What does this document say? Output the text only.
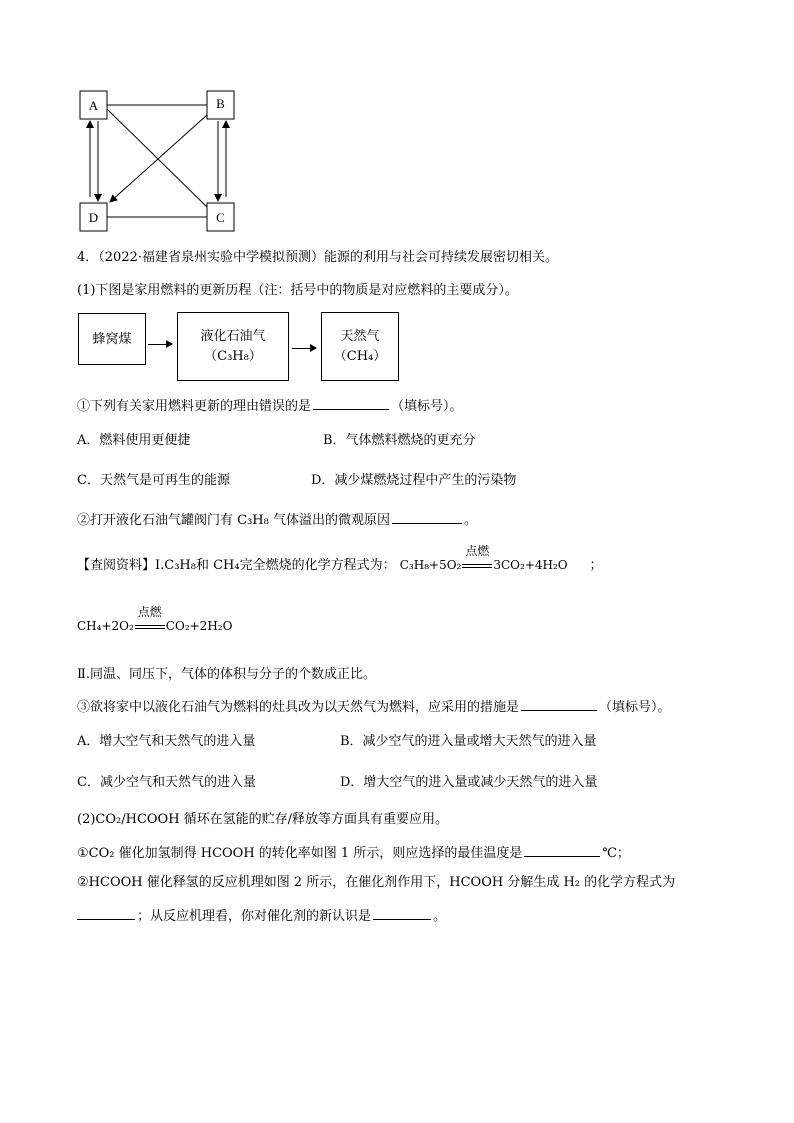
A	B
D	C
4．（2022·福建省泉州实验中学模拟预测）能源的利用与社会可持续发展密切相关。
(1)下图是家用燃料的更新历程（注：括号中的物质是对应燃料的主要成分）。
蜂窝煤	液化石油气
（C₃H₈）
天然气
（CH₄）
①下列有关家用燃料更新的理由错误的是	（填标号）。
A．燃料使用更便捷	B．气体燃料燃烧的更充分
C．天然气是可再生的能源	D．减少煤燃烧过程中产生的污染物
②打开液化石油气罐阀门有 C₃H₈ 气体溢出的微观原因	。
【查阅资料】Ⅰ.C₃H₈和 CH₄完全燃烧的化学方程式为： C₃H₈+5O₂
点燃
3CO₂+4H₂O ；
CH₄+2O₂
点燃
CO₂+2H₂O
Ⅱ.同温、同压下，气体的体积与分子的个数成正比。
③欲将家中以液化石油气为燃料的灶具改为以天然气为燃料，应采用的措施是	（填标号）。
A．增大空气和天然气的进入量	B．减少空气的进入量或增大天然气的进入量
C．减少空气和天然气的进入量	D．增大空气的进入量或减少天然气的进入量
(2)CO₂/HCOOH 循环在氢能的贮存/释放等方面具有重要应用。
①CO₂ 催化加氢制得 HCOOH 的转化率如图 1 所示，则应选择的最佳温度是	℃；
②HCOOH 催化释氢的反应机理如图 2 所示，在催化剂作用下，HCOOH 分解生成 H₂ 的化学方程式为
；从反应机理看，你对催化剂的新认识是	。
